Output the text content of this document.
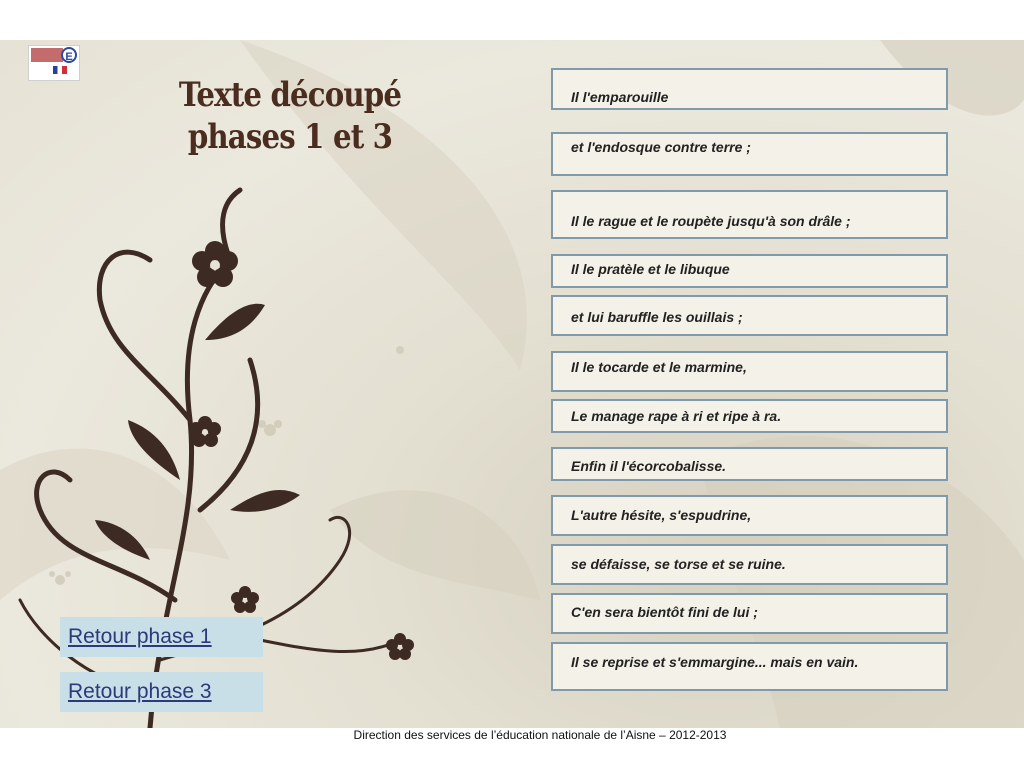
E
Texte découpé
phases 1 et 3
Il l'emparouille
et l'endosque contre terre ;
Il le rague et le roupète jusqu'à son drâle ;
Il le pratèle et le libuque
et lui baruffle les ouillais ;
Il le tocarde et le marmine,
Le manage rape à ri et ripe à ra.
Enfin il l'écorcobalisse.
L'autre hésite, s'espudrine,
se défaisse, se torse et se ruine.
C'en sera bientôt fini de lui ;
Il se reprise et s'emmargine... mais en vain.
Retour phase 1
Retour phase 3
Direction des services de l’éducation nationale de l’Aisne – 2012-2013
